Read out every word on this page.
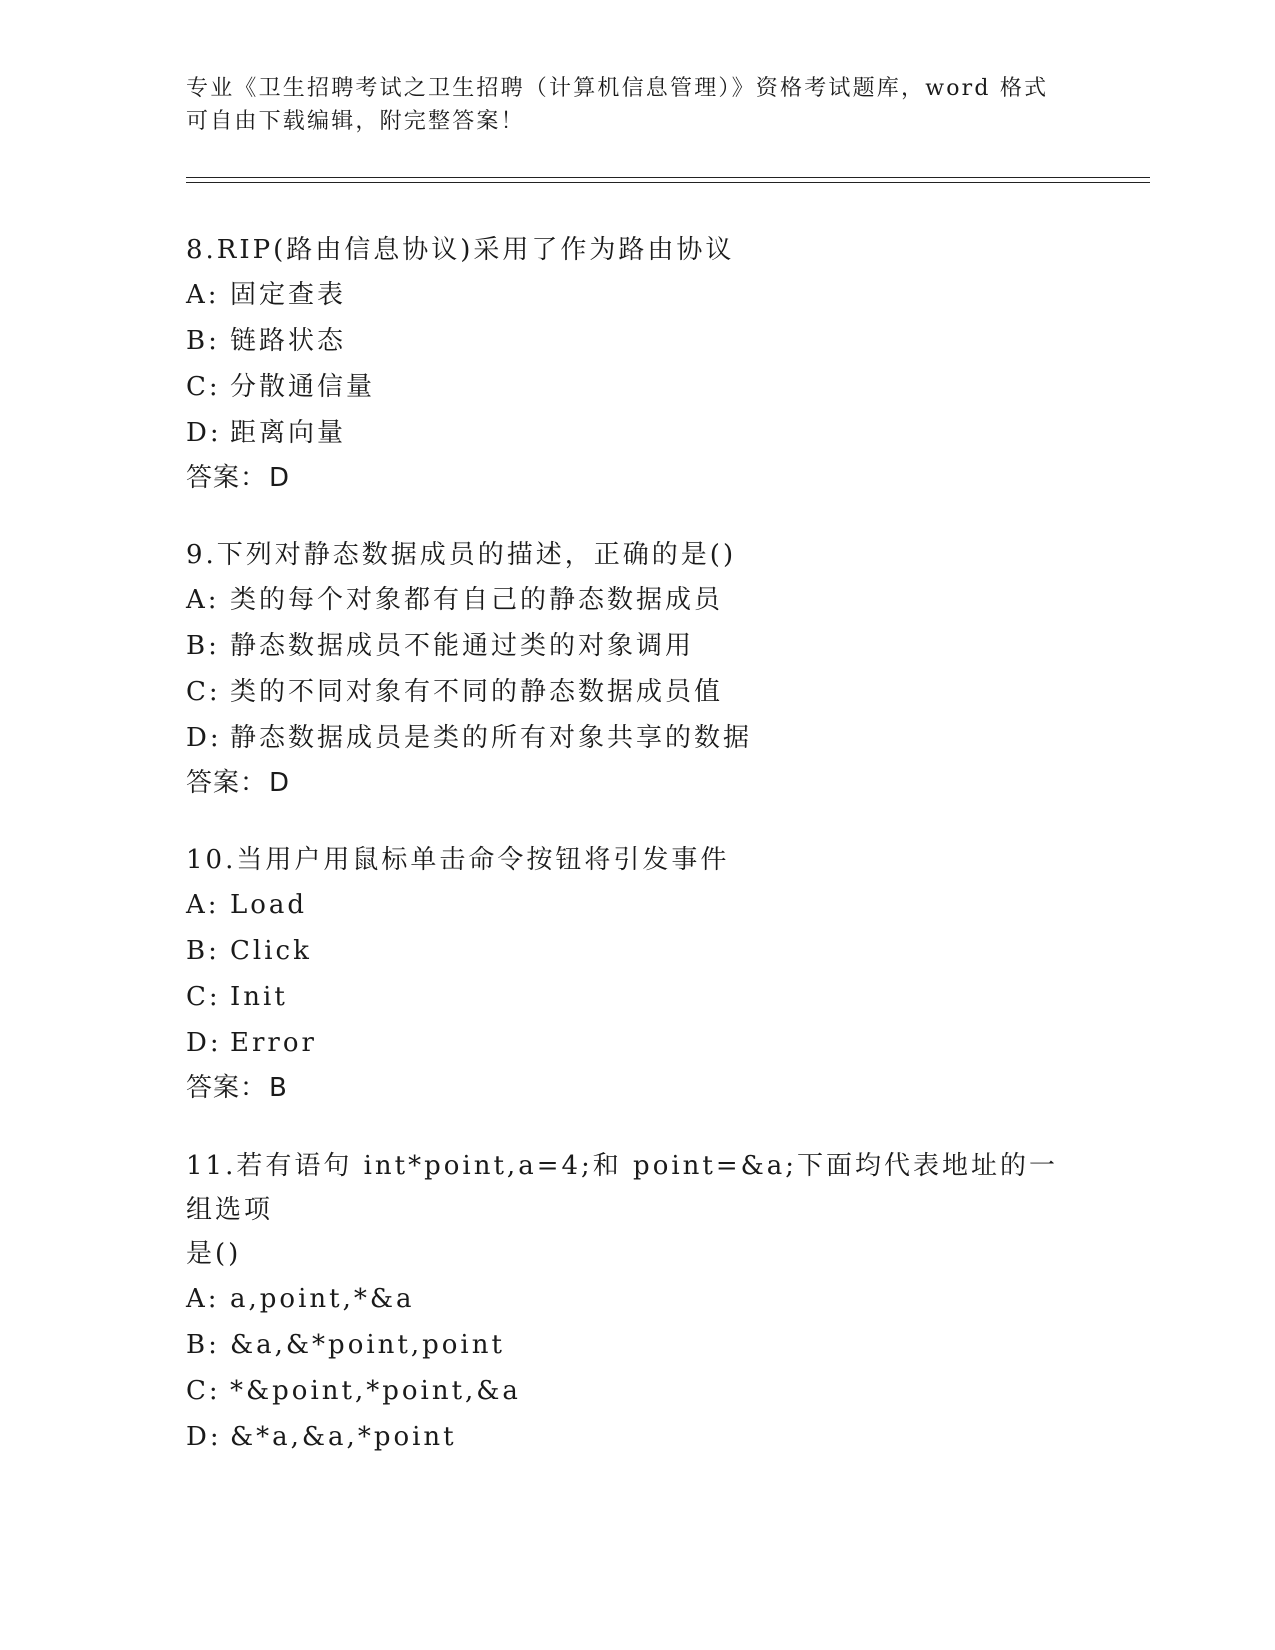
专业《卫生招聘考试之卫生招聘（计算机信息管理）》资格考试题库，word 格式
可自由下载编辑，附完整答案！

8.RIP(路由信息协议)采用了作为路由协议

A: 固定查表

B: 链路状态

C: 分散通信量

D: 距离向量

答案：D

9.下列对静态数据成员的描述，正确的是()

A: 类的每个对象都有自己的静态数据成员

B: 静态数据成员不能通过类的对象调用

C: 类的不同对象有不同的静态数据成员值

D: 静态数据成员是类的所有对象共享的数据

答案：D

10.当用户用鼠标单击命令按钮将引发事件

A: Load

B: Click

C: Init

D: Error

答案：B

11.若有语句 int*point,a=4;和 point=&a;下面均代表地址的一组选项

是()

A: a,point,*&a

B: &a,&*point,point

C: *&point,*point,&a

D: &*a,&a,*point
